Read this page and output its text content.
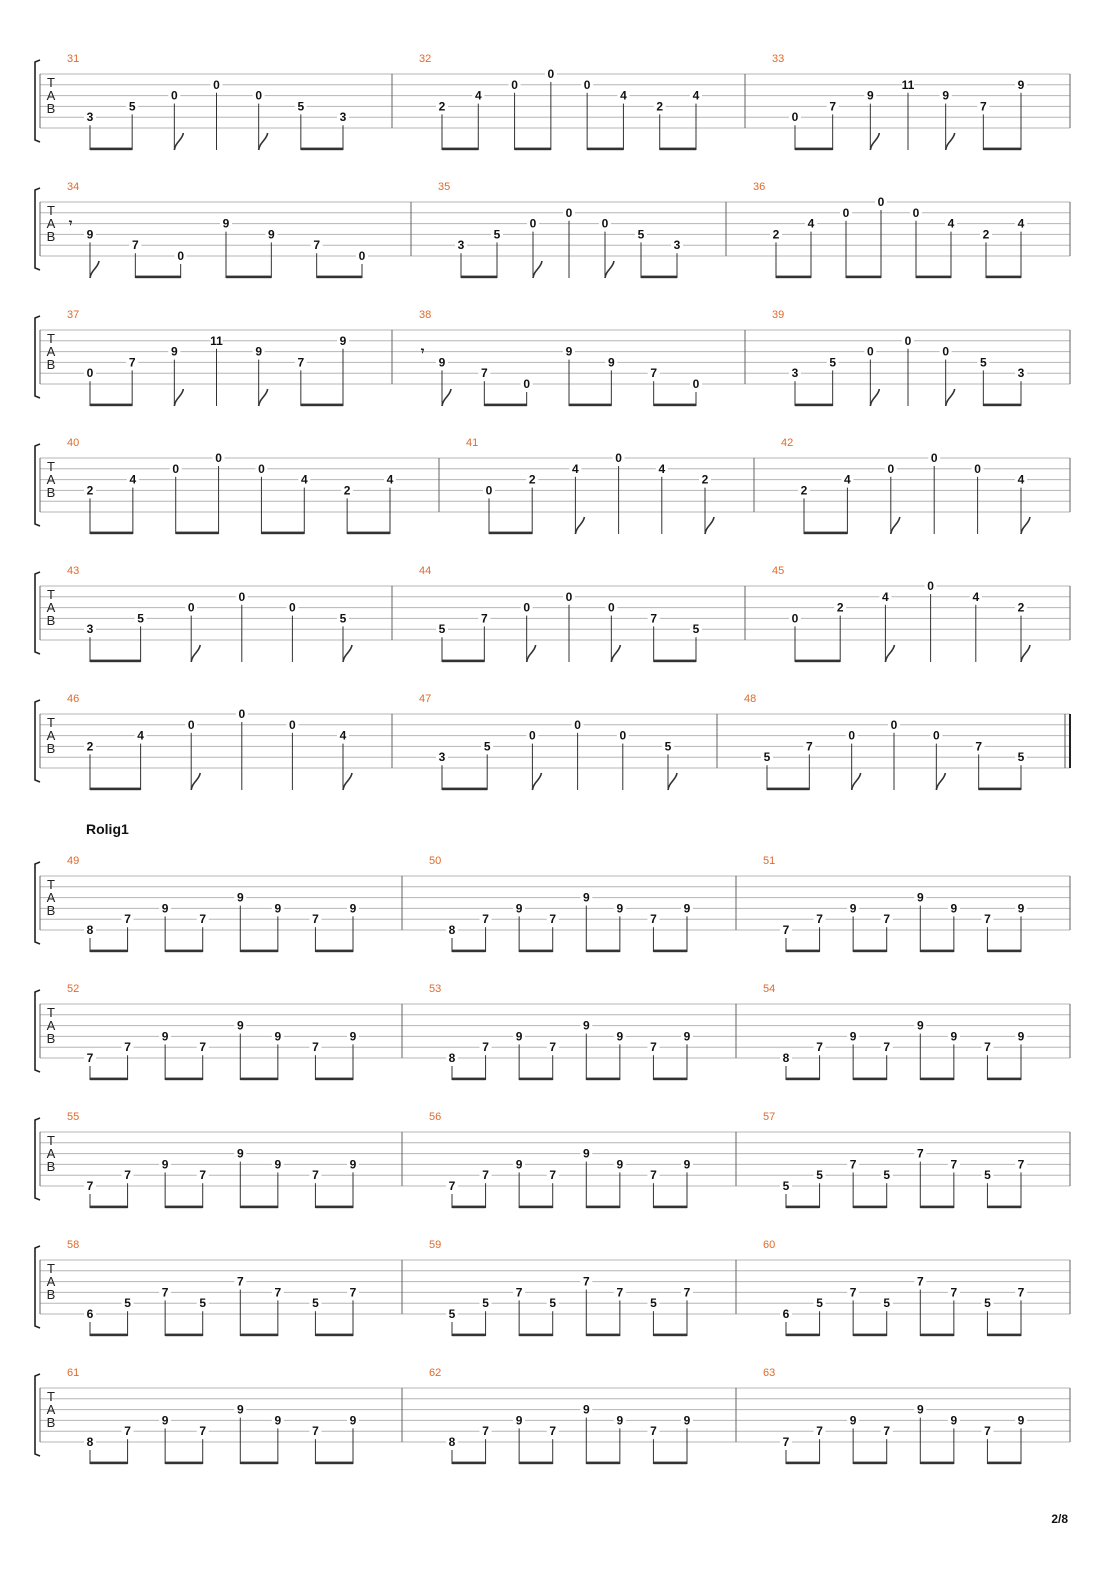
T
A
B
31
3
5
0
0
0
5
3
32
2
4
0
0
0
4
2
4
33
0
7
9
11
9
7
9
T
A
B
34
𝄾
9
7
0
9
9
7
0
35
3
5
0
0
0
5
3
36
2
4
0
0
0
4
2
4
T
A
B
37
0
7
9
11
9
7
9
38
𝄾
9
7
0
9
9
7
0
39
3
5
0
0
0
5
3
T
A
B
40
2
4
0
0
0
4
2
4
41
0
2
4
0
4
2
42
2
4
0
0
0
4
T
A
B
43
3
5
0
0
0
5
44
5
7
0
0
0
7
5
45
0
2
4
0
4
2
T
A
B
46
2
4
0
0
0
4
47
3
5
0
0
0
5
48
5
7
0
0
0
7
5
T
A
B
49
8
7
9
7
9
9
7
9
50
8
7
9
7
9
9
7
9
51
7
7
9
7
9
9
7
9
T
A
B
52
7
7
9
7
9
9
7
9
53
8
7
9
7
9
9
7
9
54
8
7
9
7
9
9
7
9
T
A
B
55
7
7
9
7
9
9
7
9
56
7
7
9
7
9
9
7
9
57
5
5
7
5
7
7
5
7
T
A
B
58
6
5
7
5
7
7
5
7
59
5
5
7
5
7
7
5
7
60
6
5
7
5
7
7
5
7
T
A
B
61
8
7
9
7
9
9
7
9
62
8
7
9
7
9
9
7
9
63
7
7
9
7
9
9
7
9
Rolig1
2/8
